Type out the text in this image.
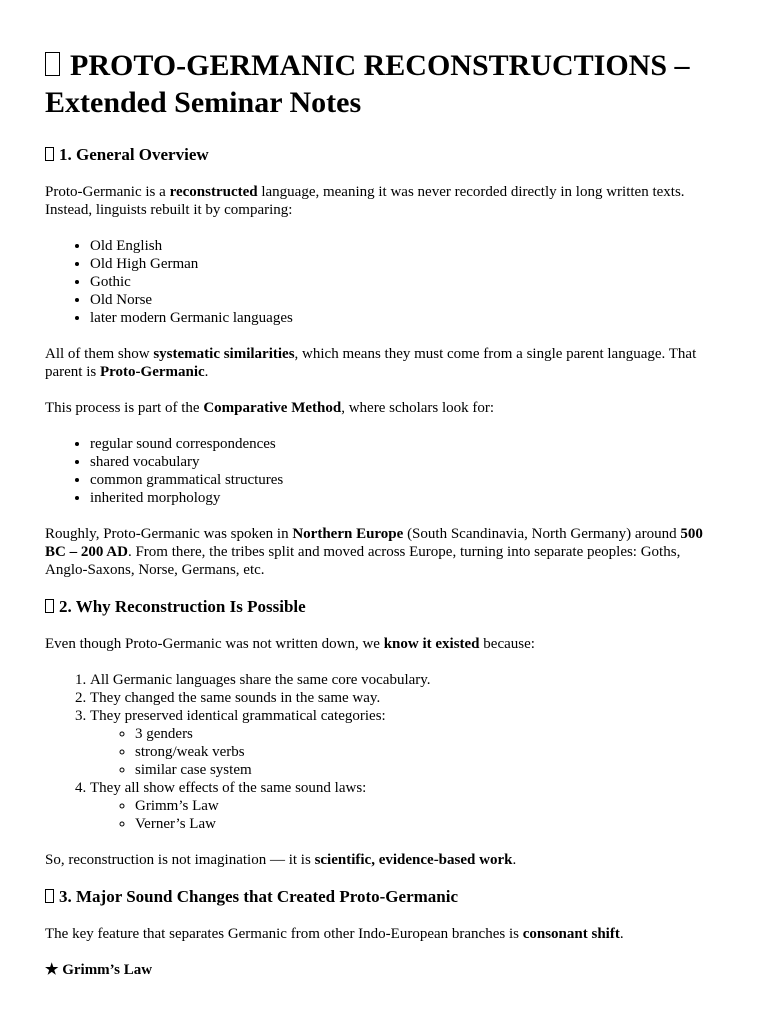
PROTO-GERMANIC RECONSTRUCTIONS –
Extended Seminar Notes
1. General Overview

Proto-Germanic is a reconstructed language, meaning it was never recorded directly in long written texts. Instead, linguists rebuilt it by comparing:

• Old English
• Old High German
• Gothic
• Old Norse
• later modern Germanic languages

All of them show systematic similarities, which means they must come from a single parent language. That parent is Proto-Germanic.

This process is part of the Comparative Method, where scholars look for:

• regular sound correspondences
• shared vocabulary
• common grammatical structures
• inherited morphology

Roughly, Proto-Germanic was spoken in Northern Europe (South Scandinavia, North Germany) around 500 BC – 200 AD. From there, the tribes split and moved across Europe, turning into separate peoples: Goths, Anglo-Saxons, Norse, Germans, etc.

2. Why Reconstruction Is Possible

Even though Proto-Germanic was not written down, we know it existed because:

1. All Germanic languages share the same core vocabulary.
2. They changed the same sounds in the same way.
3. They preserved identical grammatical categories:
◦ 3 genders
◦ strong/weak verbs
◦ similar case system
4. They all show effects of the same sound laws:
◦ Grimm’s Law
◦ Verner’s Law

So, reconstruction is not imagination — it is scientific, evidence-based work.

3. Major Sound Changes that Created Proto-Germanic

The key feature that separates Germanic from other Indo-European branches is consonant shift.

★ Grimm’s Law
